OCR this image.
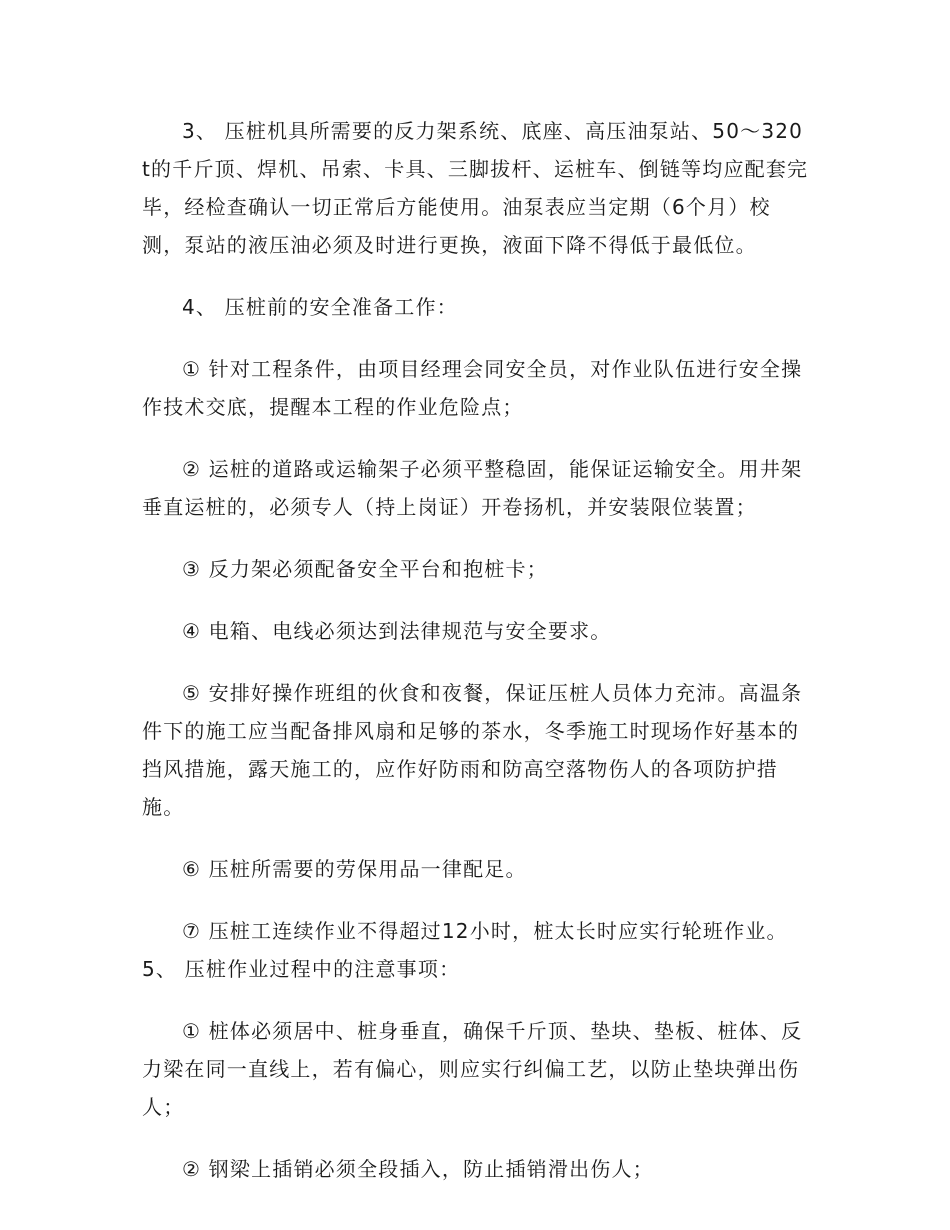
3、 压桩机具所需要的反力架系统、底座、高压油泵站、50～320t的千斤顶、焊机、吊索、卡具、三脚拔杆、运桩车、倒链等均应配套完毕，经检查确认一切正常后方能使用。油泵表应当定期（6个月）校测，泵站的液压油必须及时进行更换，液面下降不得低于最低位。

4、 压桩前的安全准备工作：

① 针对工程条件，由项目经理会同安全员，对作业队伍进行安全操作技术交底，提醒本工程的作业危险点；

② 运桩的道路或运输架子必须平整稳固，能保证运输安全。用井架垂直运桩的，必须专人（持上岗证）开卷扬机，并安装限位装置；

③ 反力架必须配备安全平台和抱桩卡；

④ 电箱、电线必须达到法律规范与安全要求。

⑤ 安排好操作班组的伙食和夜餐，保证压桩人员体力充沛。高温条件下的施工应当配备排风扇和足够的茶水，冬季施工时现场作好基本的挡风措施，露天施工的，应作好防雨和防高空落物伤人的各项防护措施。

⑥ 压桩所需要的劳保用品一律配足。

⑦ 压桩工连续作业不得超过12小时，桩太长时应实行轮班作业。5、 压桩作业过程中的注意事项：

① 桩体必须居中、桩身垂直，确保千斤顶、垫块、垫板、桩体、反力梁在同一直线上，若有偏心，则应实行纠偏工艺，以防止垫块弹出伤人；

② 钢梁上插销必须全段插入，防止插销滑出伤人；
